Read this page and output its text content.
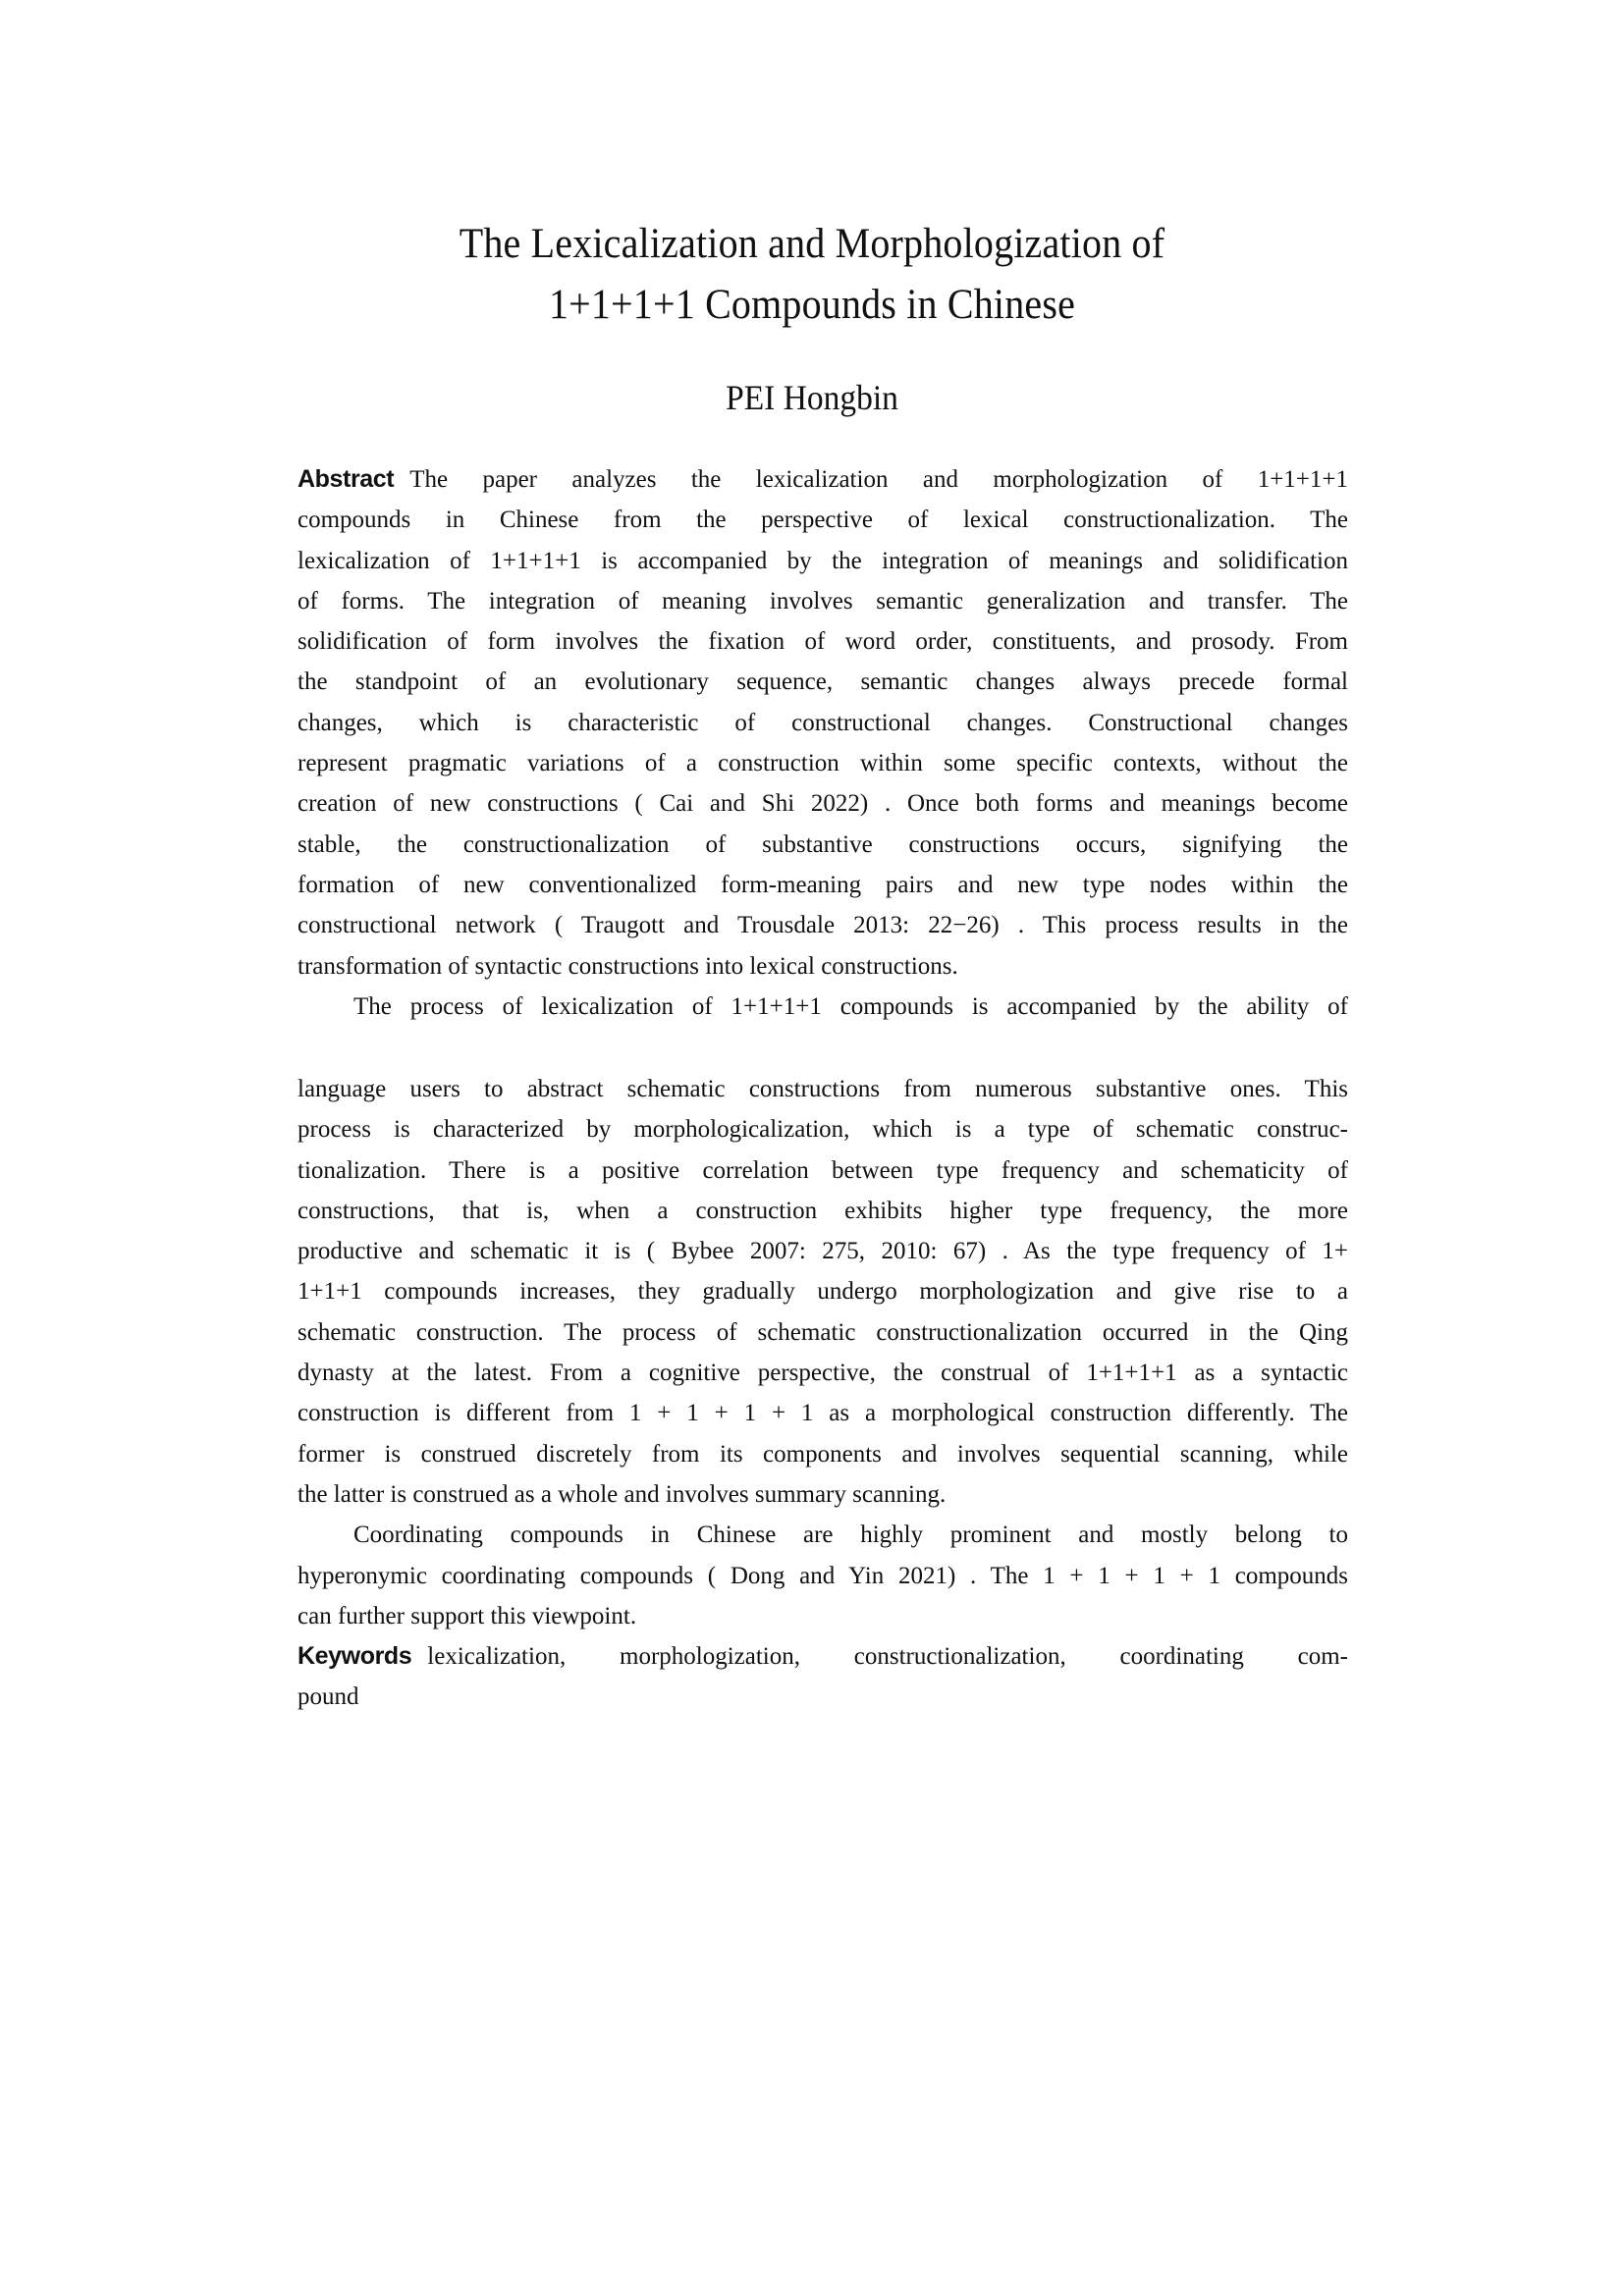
The Lexicalization and Morphologization of
1+1+1+1 Compounds in Chinese

PEI Hongbin

Abstract The paper analyzes the lexicalization and morphologization of 1+1+1+1
compounds in Chinese from the perspective of lexical constructionalization. The
lexicalization of 1+1+1+1 is accompanied by the integration of meanings and solidification
of forms. The integration of meaning involves semantic generalization and transfer. The
solidification of form involves the fixation of word order, constituents, and prosody. From
the standpoint of an evolutionary sequence, semantic changes always precede formal
changes, which is characteristic of constructional changes. Constructional changes
represent pragmatic variations of a construction within some specific contexts, without the
creation of new constructions ( Cai and Shi 2022) . Once both forms and meanings become
stable, the constructionalization of substantive constructions occurs, signifying the
formation of new conventionalized form-meaning pairs and new type nodes within the
constructional network ( Traugott and Trousdale 2013: 22−26) . This process results in the
transformation of syntactic constructions into lexical constructions.
The process of lexicalization of 1+1+1+1 compounds is accompanied by the ability of
language users to abstract schematic constructions from numerous substantive ones. This
process is characterized by morphologicalization, which is a type of schematic construc-
tionalization. There is a positive correlation between type frequency and schematicity of
constructions, that is, when a construction exhibits higher type frequency, the more
productive and schematic it is ( Bybee 2007: 275, 2010: 67) . As the type frequency of 1+
1+1+1 compounds increases, they gradually undergo morphologization and give rise to a
schematic construction. The process of schematic constructionalization occurred in the Qing
dynasty at the latest. From a cognitive perspective, the construal of 1+1+1+1 as a syntactic
construction is different from 1 + 1 + 1 + 1 as a morphological construction differently. The
former is construed discretely from its components and involves sequential scanning, while
the latter is construed as a whole and involves summary scanning.
Coordinating compounds in Chinese are highly prominent and mostly belong to
hyperonymic coordinating compounds ( Dong and Yin 2021) . The 1 + 1 + 1 + 1 compounds
can further support this viewpoint.
Keywords lexicalization, morphologization, constructionalization, coordinating com-
pound
